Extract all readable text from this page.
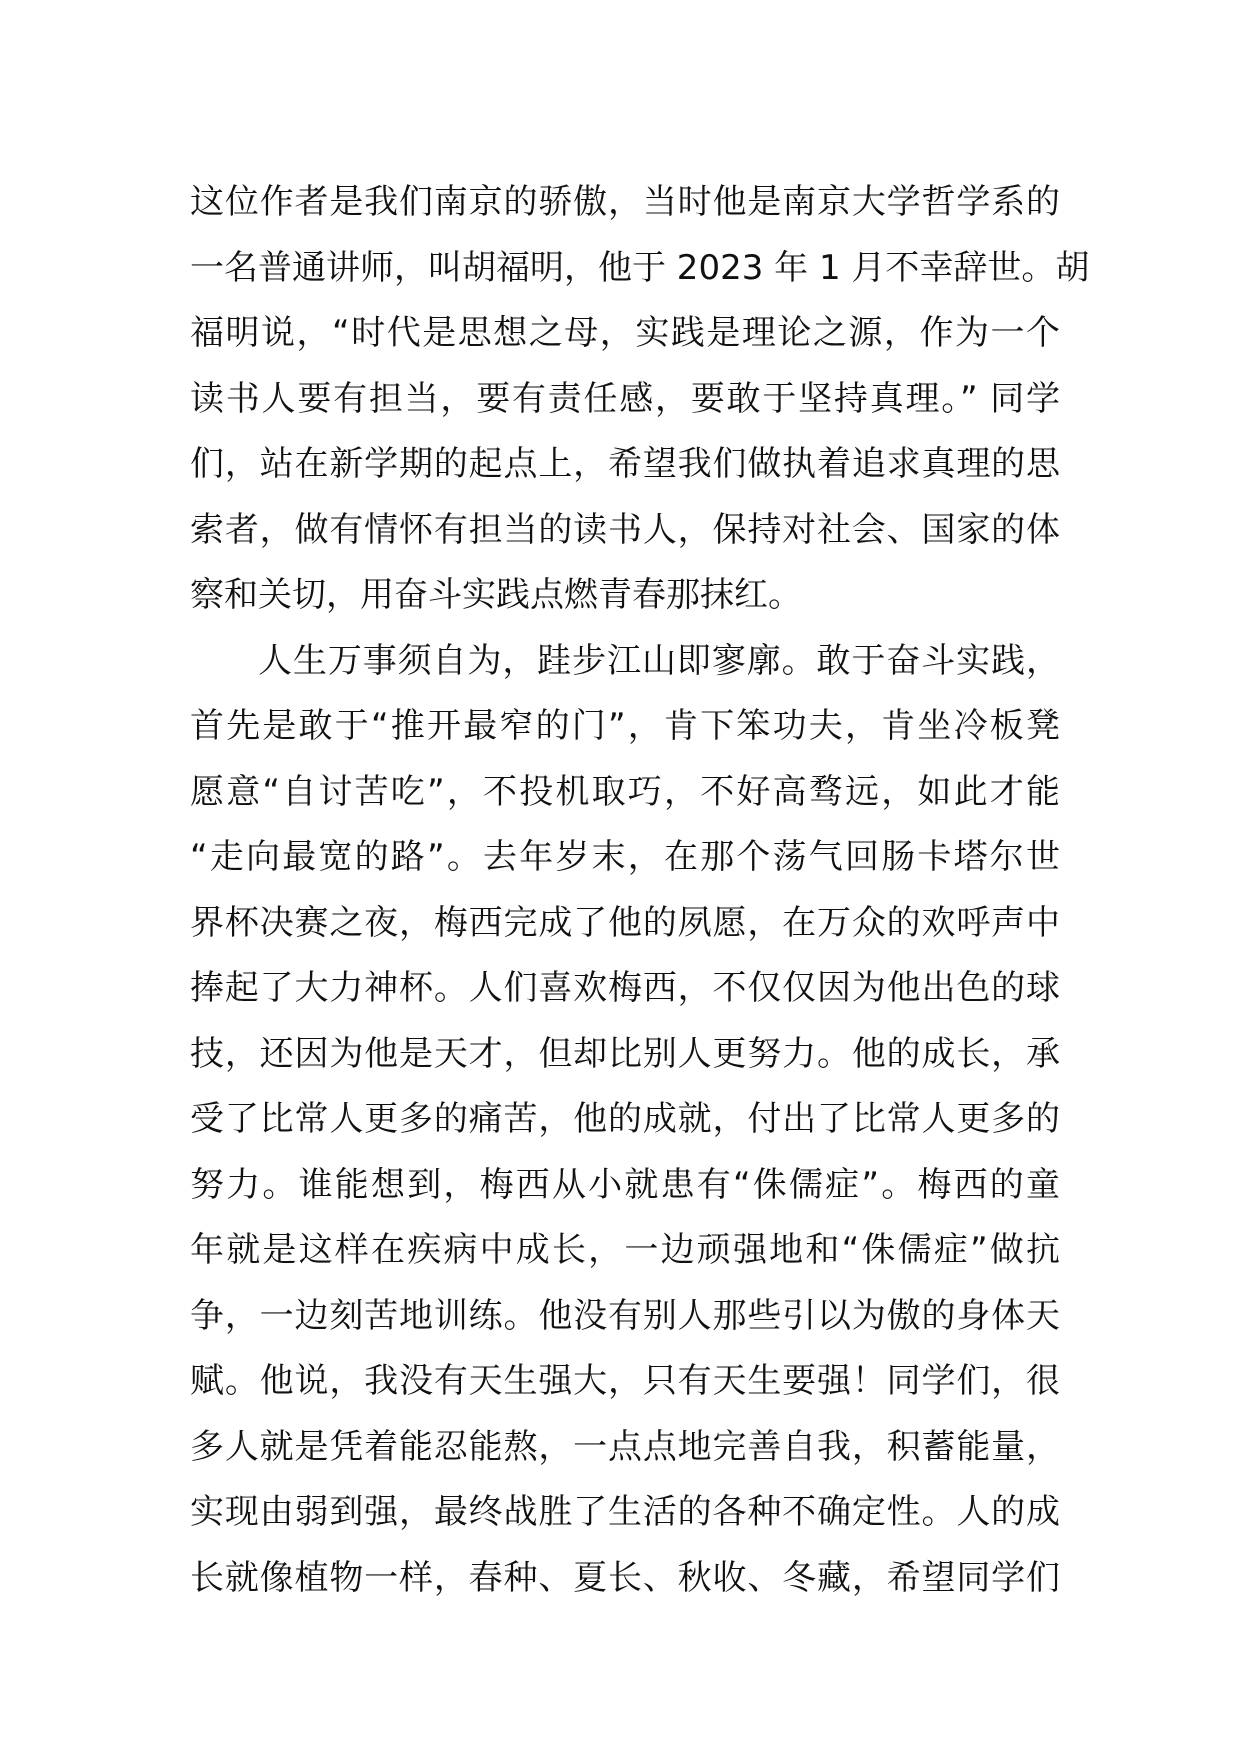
这位作者是我们南京的骄傲，当时他是南京大学哲学系的
一名普通讲师，叫胡福明，他于 2023 年 1 月不幸辞世。胡
福明说，“时代是思想之母，实践是理论之源，作为一个
读书人要有担当，要有责任感，要敢于坚持真理。” 同学
们，站在新学期的起点上，希望我们做执着追求真理的思
索者，做有情怀有担当的读书人，保持对社会、国家的体
察和关切，用奋斗实践点燃青春那抹红。
人生万事须自为，跬步江山即寥廓。敢于奋斗实践，
首先是敢于“推开最窄的门”，肯下笨功夫，肯坐冷板凳
愿意“自讨苦吃”，不投机取巧，不好高骛远，如此才能
“走向最宽的路”。去年岁末，在那个荡气回肠卡塔尔世
界杯决赛之夜，梅西完成了他的夙愿，在万众的欢呼声中
捧起了大力神杯。人们喜欢梅西，不仅仅因为他出色的球
技，还因为他是天才，但却比别人更努力。他的成长，承
受了比常人更多的痛苦，他的成就，付出了比常人更多的
努力。谁能想到，梅西从小就患有“侏儒症”。梅西的童
年就是这样在疾病中成长，一边顽强地和“侏儒症”做抗
争，一边刻苦地训练。他没有别人那些引以为傲的身体天
赋。他说，我没有天生强大，只有天生要强！同学们，很
多人就是凭着能忍能熬，一点点地完善自我，积蓄能量，
实现由弱到强，最终战胜了生活的各种不确定性。人的成
长就像植物一样，春种、夏长、秋收、冬藏，希望同学们
